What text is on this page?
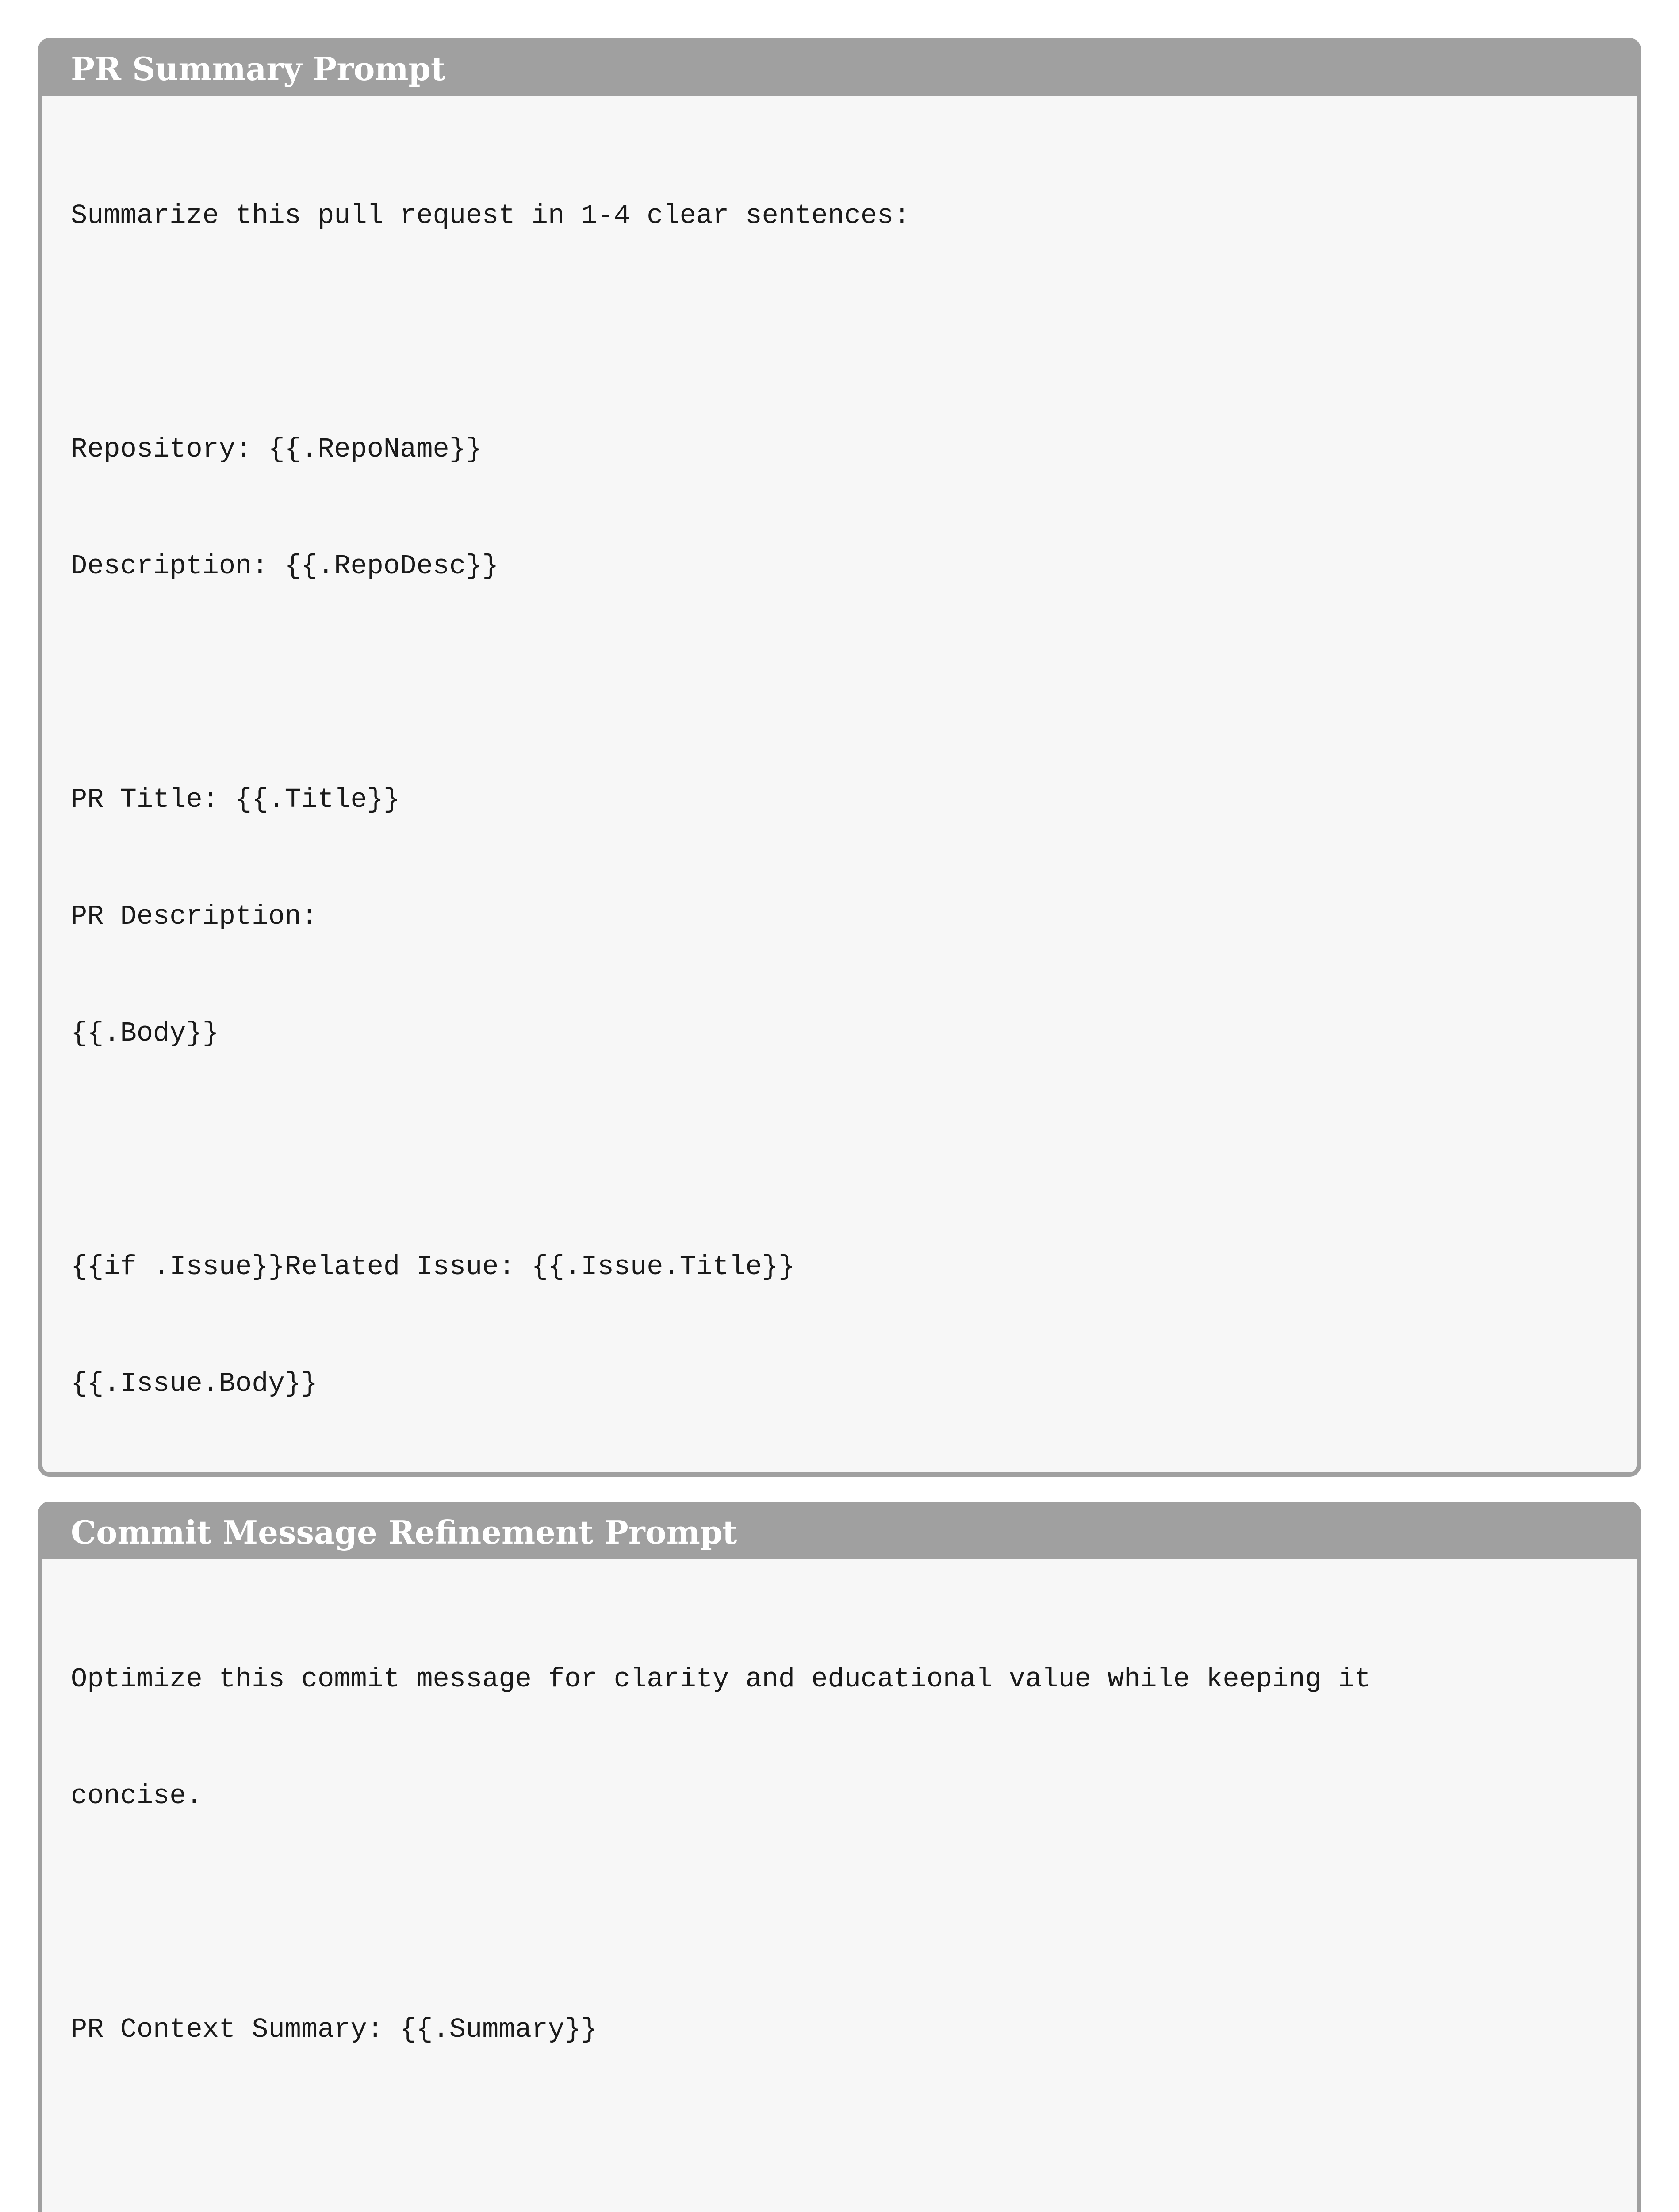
PR Summary Prompt

Summarize this pull request in 1-4 clear sentences:

Repository: {{.RepoName}}

Description: {{.RepoDesc}}

PR Title: {{.Title}}

PR Description:

{{.Body}}

{{if .Issue}}Related Issue: {{.Issue.Title}}

{{.Issue.Body}}

Commit Message Refinement Prompt

Optimize this commit message for clarity and educational value while keeping it

concise.

PR Context Summary: {{.Summary}}
